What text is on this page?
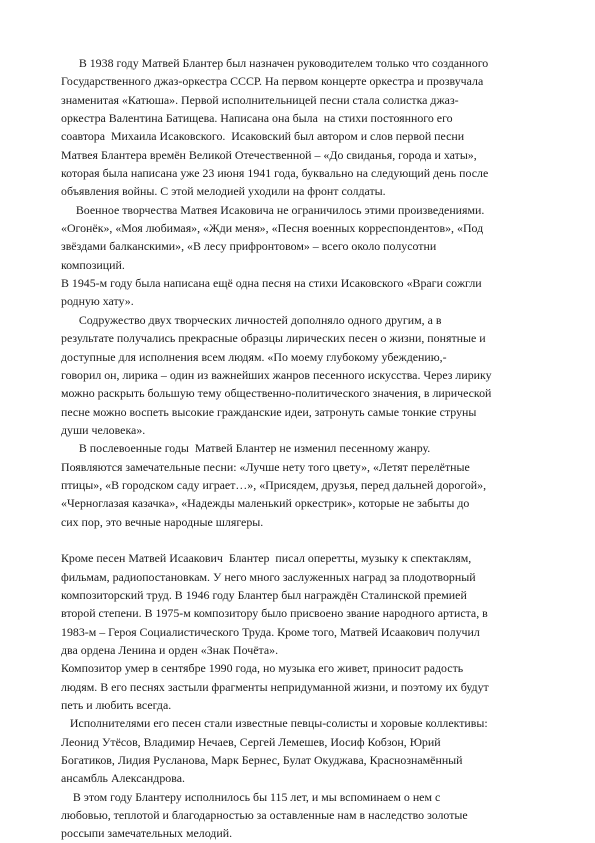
В 1938 году Матвей Блантер был назначен руководителем только что созданного
Государственного джаз-оркестра СССР. На первом концерте оркестра и прозвучала
знаменитая «Катюша». Первой исполнительницей песни стала солистка джаз-
оркестра Валентина Батищева. Написана она была  на стихи постоянного его
соавтора  Михаила Исаковского.  Исаковский был автором и слов первой песни
Матвея Блантера времён Великой Отечественной – «До свиданья, города и хаты»,
которая была написана уже 23 июня 1941 года, буквально на следующий день после
объявления войны. С этой мелодией уходили на фронт солдаты.
Военное творчества Матвея Исаковича не ограничилось этими произведениями.
«Огонёк», «Моя любимая», «Жди меня», «Песня военных корреспондентов», «Под
звёздами балканскими», «В лесу прифронтовом» – всего около полусотни
композиций.
В 1945-м году была написана ещё одна песня на стихи Исаковского «Враги сожгли
родную хату».
Содружество двух творческих личностей дополняло одного другим, а в
результате получались прекрасные образцы лирических песен о жизни, понятные и
доступные для исполнения всем людям. «По моему глубокому убеждению,-
говорил он, лирика – один из важнейших жанров песенного искусства. Через лирику
можно раскрыть большую тему общественно-политического значения, в лирической
песне можно воспеть высокие гражданские идеи, затронуть самые тонкие струны
души человека».
В послевоенные годы  Матвей Блантер не изменил песенному жанру.
Появляются замечательные песни: «Лучше нету того цвету», «Летят перелётные
птицы», «В городском саду играет…», «Присядем, друзья, перед дальней дорогой»,
«Черноглазая казачка», «Надежды маленький оркестрик», которые не забыты до
сих пор, это вечные народные шлягеры.
Кроме песен Матвей Исаакович  Блантер  писал оперетты, музыку к спектаклям,
фильмам, радиопостановкам. У него много заслуженных наград за плодотворный
композиторский труд. В 1946 году Блантер был награждён Сталинской премией
второй степени. В 1975-м композитору было присвоено звание народного артиста, в
1983-м – Героя Социалистического Труда. Кроме того, Матвей Исаакович получил
два ордена Ленина и орден «Знак Почёта».
Композитор умер в сентябре 1990 года, но музыка его живет, приносит радость
людям. В его песнях застыли фрагменты непридуманной жизни, и поэтому их будут
петь и любить всегда.
Исполнителями его песен стали известные певцы-солисты и хоровые коллективы:
Леонид Утёсов, Владимир Нечаев, Сергей Лемешев, Иосиф Кобзон, Юрий
Богатиков, Лидия Русланова, Марк Бернес, Булат Окуджава, Краснознамённый
ансамбль Александрова.
В этом году Блантеру исполнилось бы 115 лет, и мы вспоминаем о нем с
любовью, теплотой и благодарностью за оставленные нам в наследство золотые
россыпи замечательных мелодий.
